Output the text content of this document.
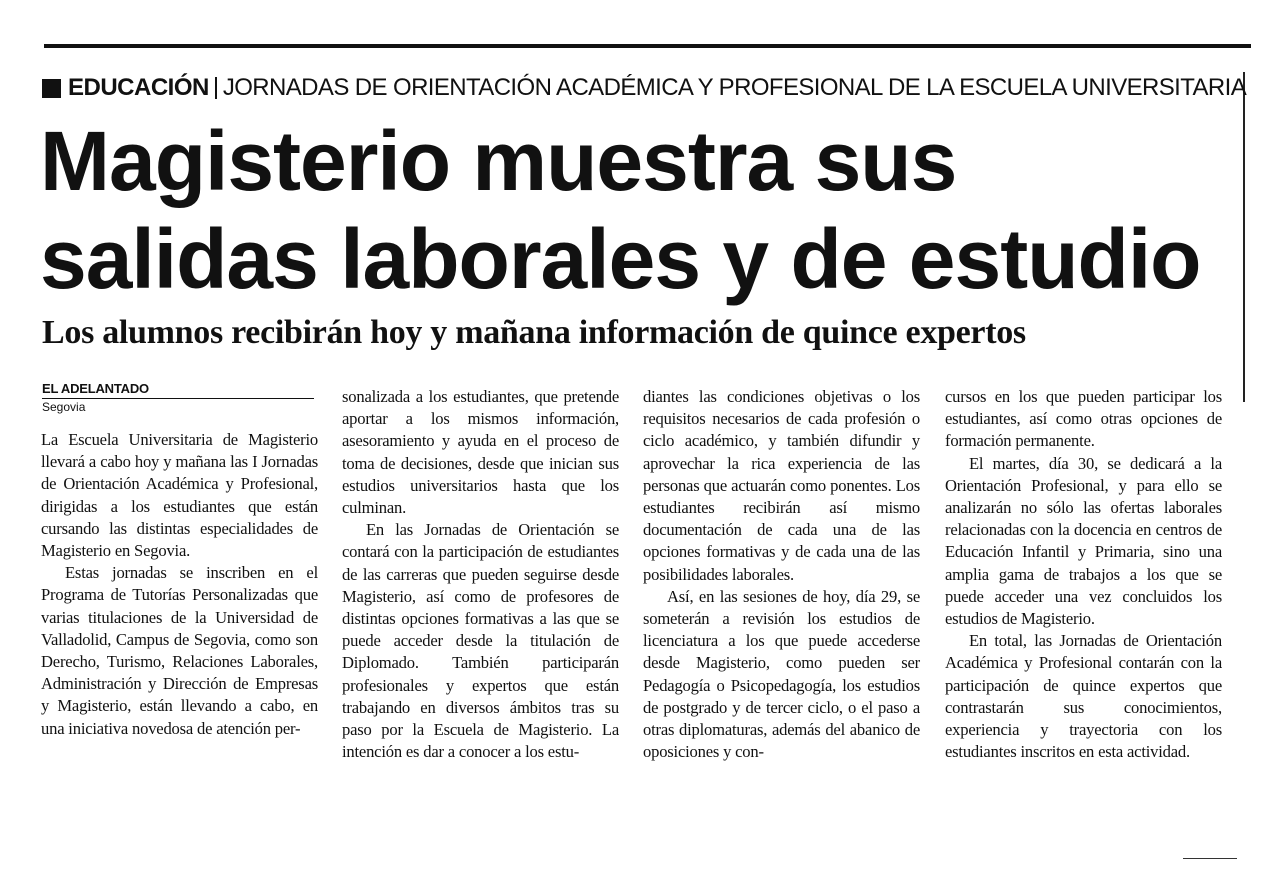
EDUCACIÓN JORNADAS DE ORIENTACIÓN ACADÉMICA Y PROFESIONAL DE LA ESCUELA UNIVERSITARIA
Magisterio muestra sus
salidas laborales y de estudio
Los alumnos recibirán hoy y mañana información de quince expertos
EL ADELANTADO
Segovia

La Escuela Universitaria de Magisterio llevará a cabo hoy y mañana las I Jornadas de Orientación Académica y Profesional, dirigidas a los estudiantes que están cursando las distintas especialidades de Magisterio en Segovia.

Estas jornadas se inscriben en el Programa de Tutorías Personalizadas que varias titulaciones de la Universidad de Valladolid, Campus de Segovia, como son Derecho, Turismo, Relaciones Laborales, Administración y Dirección de Empresas y Magisterio, están llevando a cabo, en una iniciativa novedosa de atención per-

sonalizada a los estudiantes, que pretende aportar a los mismos información, asesoramiento y ayuda en el proceso de toma de decisiones, desde que inician sus estudios universitarios hasta que los culminan.

En las Jornadas de Orientación se contará con la participación de estudiantes de las carreras que pueden seguirse desde Magisterio, así como de profesores de distintas opciones formativas a las que se puede acceder desde la titulación de Diplomado. También participarán profesionales y expertos que están trabajando en diversos ámbitos tras su paso por la Escuela de Magisterio. La intención es dar a conocer a los estu-

diantes las condiciones objetivas o los requisitos necesarios de cada profesión o ciclo académico, y también difundir y aprovechar la rica experiencia de las personas que actuarán como ponentes. Los estudiantes recibirán así mismo documentación de cada una de las opciones formativas y de cada una de las posibilidades laborales.

Así, en las sesiones de hoy, día 29, se someterán a revisión los estudios de licenciatura a los que puede accederse desde Magisterio, como pueden ser Pedagogía o Psicopedagogía, los estudios de postgrado y de tercer ciclo, o el paso a otras diplomaturas, además del abanico de oposiciones y con-

cursos en los que pueden participar los estudiantes, así como otras opciones de formación permanente.

El martes, día 30, se dedicará a la Orientación Profesional, y para ello se analizarán no sólo las ofertas laborales relacionadas con la docencia en centros de Educación Infantil y Primaria, sino una amplia gama de trabajos a los que se puede acceder una vez concluidos los estudios de Magisterio.

En total, las Jornadas de Orientación Académica y Profesional contarán con la participación de quince expertos que contrastarán sus conocimientos, experiencia y trayectoria con los estudiantes inscritos en esta actividad.
